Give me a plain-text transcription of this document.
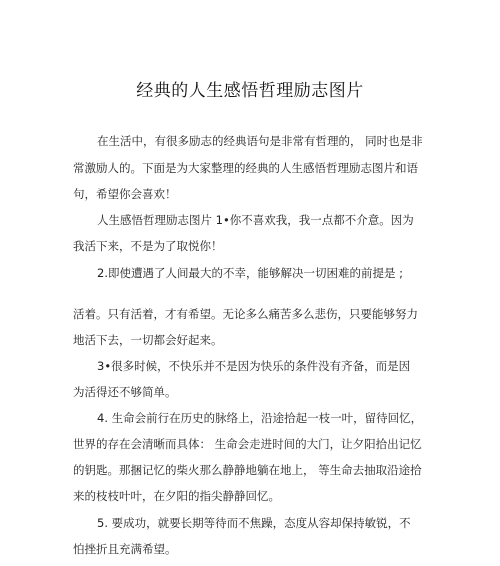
经典的人生感悟哲理励志图片
在生活中，有很多励志的经典语句是非常有哲理的， 同时也是非
常激励人的。下面是为大家整理的经典的人生感悟哲理励志图片和语
句，希望你会喜欢！
人生感悟哲理励志图片 1•你不喜欢我，我一点都不介意。因为
我活下来，不是为了取悦你！
2.即使遭遇了人间最大的不幸，能够解决一切困难的前提是 ;
活着。只有活着，才有希望。无论多么痛苦多么悲伤，只要能够努力
地活下去，一切都会好起来。
3•很多时候，不快乐并不是因为快乐的条件没有齐备，而是因
为活得还不够简单。
4. 生命会前行在历史的脉络上，沿途拾起一枝一叶，留待回忆，
世界的存在会清晰而具体： 生命会走进时间的大门，让夕阳拾出记忆
的钥匙。那捆记忆的柴火那么静静地躺在地上， 等生命去抽取沿途拾
来的枝枝叶叶，在夕阳的指尖静静回忆。
5. 要成功，就要长期等待而不焦躁，态度从容却保持敏锐，不
怕挫折且充满希望。
